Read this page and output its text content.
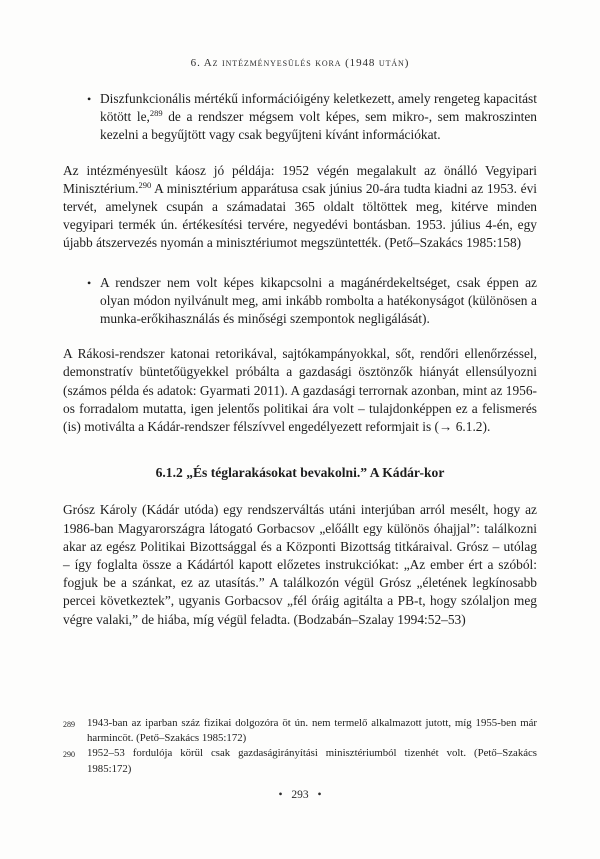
6. Az intézményesülés kora (1948 után)
• Diszfunkcionális mértékű információigény keletkezett, amely rengeteg kapacitást kötött le,$^{289}$ de a rendszer mégsem volt képes, sem mikro-, sem makroszinten kezelni a begyűjtött vagy csak begyűjteni kívánt információkat.

Az intézményesült káosz jó példája: 1952 végén megalakult az önálló Vegyipari Minisztérium.$^{290}$ A minisztérium apparátusa csak június 20-ára tudta kiadni az 1953. évi tervét, amelynek csupán a számadatai 365 oldalt töltöttek meg, kitérve minden vegyipari termék ún. értékesítési tervére, negyedévi bontásban. 1953. július 4-én, egy újabb átszervezés nyomán a minisztériumot megszüntették. (Pető–Szakács 1985:158)

• A rendszer nem volt képes kikapcsolni a magánérdekeltséget, csak éppen az olyan módon nyilvánult meg, ami inkább rombolta a hatékonyságot (különösen a munka-erőkihasználás és minőségi szempontok negligálását).

A Rákosi-rendszer katonai retorikával, sajtókampányokkal, sőt, rendőri ellenőrzéssel, demonstratív büntetőügyekkel próbálta a gazdasági ösztönzők hiányát ellensúlyozni (számos példa és adatok: Gyarmati 2011). A gazdasági terrornak azonban, mint az 1956-os forradalom mutatta, igen jelentős politikai ára volt – tulajdonképpen ez a felismerés (is) motiválta a Kádár-rendszer félszívvel engedélyezett reformjait is (→ 6.1.2).

6.1.2 „És téglarakásokat bevakolni.” A Kádár-kor

Grósz Károly (Kádár utóda) egy rendszerváltás utáni interjúban arról mesélt, hogy az 1986-ban Magyarországra látogató Gorbacsov „előállt egy különös óhajjal”: találkozni akar az egész Politikai Bizottsággal és a Központi Bizottság titkáraival. Grósz – utólag – így foglalta össze a Kádártól kapott előzetes instrukciókat: „Az ember ért a szóból: fogjuk be a szánkat, ez az utasítás.” A találkozón végül Grósz „életének legkínosabb percei következtek”, ugyanis Gorbacsov „fél óráig agitálta a PB-t, hogy szólaljon meg végre valaki,” de hiába, míg végül feladta. (Bodzabán–Szalay 1994:52–53)

289	1943-ban az iparban száz fizikai dolgozóra öt ún. nem termelő alkalmazott jutott, míg 1955-ben már harmincöt. (Pető–Szakács 1985:172)
290	1952–53 fordulója körül csak gazdaságirányítási minisztériumból tizenhét volt. (Pető–Szakács 1985:172)
• 293 •
